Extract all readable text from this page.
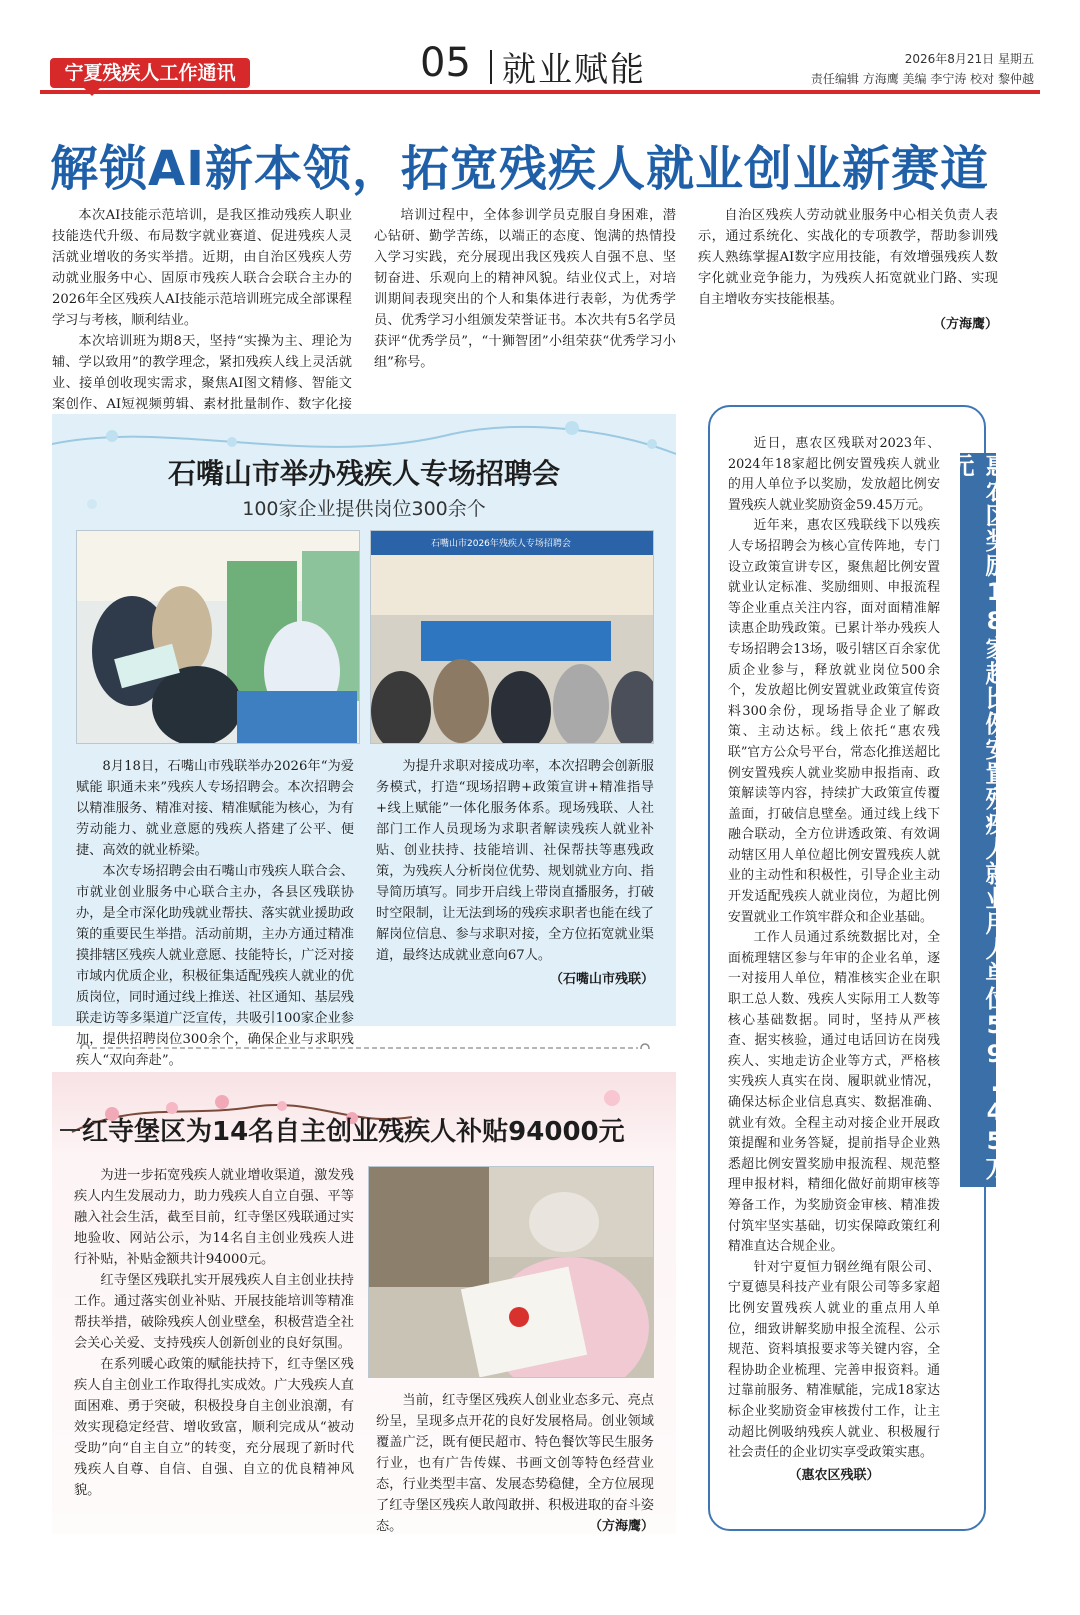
宁夏残疾人工作通讯	05 就业赋能	2026年8月21日 星期五
责任编辑 方海鹰 美编 李宁涛 校对 黎仲越
解锁AI新本领，拓宽残疾人就业创业新赛道

本次AI技能示范培训，是我区推动残疾人职业技能迭代升级、布局数字就业赛道、促进残疾人灵活就业增收的务实举措。近期，由自治区残疾人劳动就业服务中心、固原市残疾人联合会联合主办的2026年全区残疾人AI技能示范培训班完成全部课程学习与考核，顺利结业。

本次培训班为期8天，坚持“实操为主、理论为辅、学以致用”的教学理念，紧扣残疾人线上灵活就业、接单创收现实需求，聚焦AI图文精修、智能文案创作、AI短视频剪辑、素材批量制作、数字化接

培训过程中，全体参训学员克服自身困难，潜心钻研、勤学苦练，以端正的态度、饱满的热情投入学习实践，充分展现出我区残疾人自强不息、坚韧奋进、乐观向上的精神风貌。结业仪式上，对培训期间表现突出的个人和集体进行表彰，为优秀学员、优秀学习小组颁发荣誉证书。本次共有5名学员获评“优秀学员”，“十狮智团”小组荣获“优秀学习小组”称号。

自治区残疾人劳动就业服务中心相关负责人表示，通过系统化、实战化的专项教学，帮助参训残疾人熟练掌握AI数字应用技能，有效增强残疾人数字化就业竞争能力，为残疾人拓宽就业门路、实现自主增收夯实技能根基。

（方海鹰）
石嘴山市举办残疾人专场招聘会
100家企业提供岗位300余个
石嘴山市2026年残疾人专场招聘会

8月18日，石嘴山市残联举办2026年“为爱赋能 职通未来”残疾人专场招聘会。本次招聘会以精准服务、精准对接、精准赋能为核心，为有劳动能力、就业意愿的残疾人搭建了公平、便捷、高效的就业桥梁。

本次专场招聘会由石嘴山市残疾人联合会、市就业创业服务中心联合主办，各县区残联协办，是全市深化助残就业帮扶、落实就业援助政策的重要民生举措。活动前期，主办方通过精准摸排辖区残疾人就业意愿、技能特长，广泛对接市域内优质企业，积极征集适配残疾人就业的优质岗位，同时通过线上推送、社区通知、基层残联走访等多渠道广泛宣传，共吸引100家企业参加，提供招聘岗位300余个，确保企业与求职残疾人“双向奔赴”。

为提升求职对接成功率，本次招聘会创新服务模式，打造“现场招聘+政策宣讲+精准指导+线上赋能”一体化服务体系。现场残联、人社部门工作人员现场为求职者解读残疾人就业补贴、创业扶持、技能培训、社保帮扶等惠残政策，为残疾人分析岗位优势、规划就业方向、指导简历填写。同步开启线上带岗直播服务，打破时空限制，让无法到场的残疾求职者也能在线了解岗位信息、参与求职对接，全方位拓宽就业渠道，最终达成就业意向67人。

（石嘴山市残联）
红寺堡区为14名自主创业残疾人补贴94000元

为进一步拓宽残疾人就业增收渠道，激发残疾人内生发展动力，助力残疾人自立自强、平等融入社会生活，截至目前，红寺堡区残联通过实地验收、网站公示，为14名自主创业残疾人进行补贴，补贴金额共计94000元。

红寺堡区残联扎实开展残疾人自主创业扶持工作。通过落实创业补贴、开展技能培训等精准帮扶举措，破除残疾人创业壁垒，积极营造全社会关心关爱、支持残疾人创新创业的良好氛围。

在系列暖心政策的赋能扶持下，红寺堡区残疾人自主创业工作取得扎实成效。广大残疾人直面困难、勇于突破，积极投身自主创业浪潮，有效实现稳定经营、增收致富，顺利完成从“被动受助”向“自主自立”的转变，充分展现了新时代残疾人自尊、自信、自强、自立的优良精神风貌。

当前，红寺堡区残疾人创业业态多元、亮点纷呈，呈现多点开花的良好发展格局。创业领域覆盖广泛，既有便民超市、特色餐饮等民生服务行业，也有广告传媒、书画文创等特色经营业态，行业类型丰富、发展态势稳健，全方位展现了红寺堡区残疾人敢闯敢拼、积极进取的奋斗姿态。	（方海鹰）
惠农区奖励18家超比例安置残疾人就业用人单位59.45万元

近日，惠农区残联对2023年、2024年18家超比例安置残疾人就业的用人单位予以奖励，发放超比例安置残疾人就业奖励资金59.45万元。

近年来，惠农区残联线下以残疾人专场招聘会为核心宣传阵地，专门设立政策宣讲专区，聚焦超比例安置就业认定标准、奖励细则、申报流程等企业重点关注内容，面对面精准解读惠企助残政策。已累计举办残疾人专场招聘会13场，吸引辖区百余家优质企业参与，释放就业岗位500余个，发放超比例安置就业政策宣传资料300余份，现场指导企业了解政策、主动达标。线上依托“惠农残联”官方公众号平台，常态化推送超比例安置残疾人就业奖励申报指南、政策解读等内容，持续扩大政策宣传覆盖面，打破信息壁垒。通过线上线下融合联动，全方位讲透政策、有效调动辖区用人单位超比例安置残疾人就业的主动性和积极性，引导企业主动开发适配残疾人就业岗位，为超比例安置就业工作筑牢群众和企业基础。

工作人员通过系统数据比对，全面梳理辖区参与年审的企业名单，逐一对接用人单位，精准核实企业在职职工总人数、残疾人实际用工人数等核心基础数据。同时，坚持从严核查、据实核验，通过电话回访在岗残疾人、实地走访企业等方式，严格核实残疾人真实在岗、履职就业情况，确保达标企业信息真实、数据准确、就业有效。全程主动对接企业开展政策提醒和业务答疑，提前指导企业熟悉超比例安置奖励申报流程、规范整理申报材料，精细化做好前期审核等筹备工作，为奖励资金审核、精准拨付筑牢坚实基础，切实保障政策红利精准直达合规企业。

针对宁夏恒力钢丝绳有限公司、宁夏德昊科技产业有限公司等多家超比例安置残疾人就业的重点用人单位，细致讲解奖励申报全流程、公示规范、资料填报要求等关键内容，全程协助企业梳理、完善申报资料。通过靠前服务、精准赋能，完成18家达标企业奖励资金审核拨付工作，让主动超比例吸纳残疾人就业、积极履行社会责任的企业切实享受政策实惠。

（惠农区残联）
